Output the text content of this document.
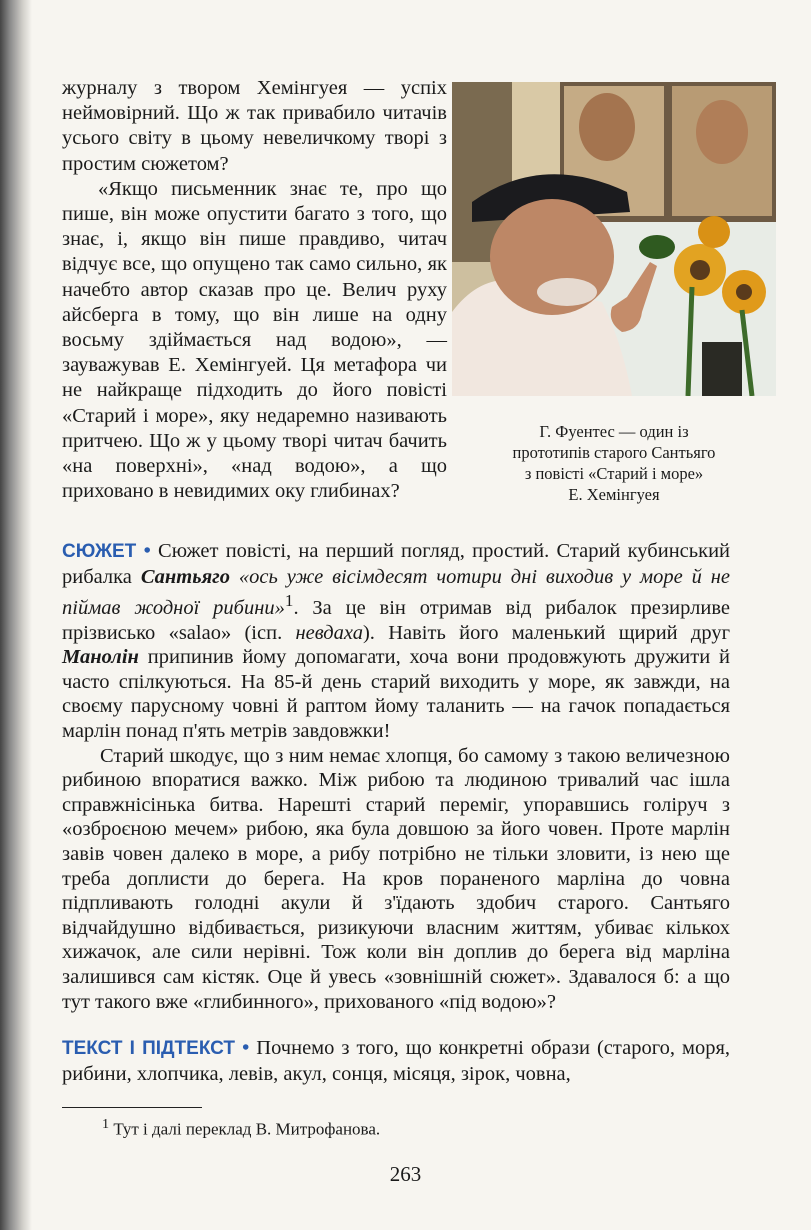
журналу з твором Хемінгуея — успіх неймовірний. Що ж так привабило читачів усього світу в цьому невеличкому творі з простим сюжетом?

«Якщо письменник знає те, про що пише, він може опустити багато з того, що знає, і, якщо він пише правдиво, читач відчує все, що опущено так само сильно, як начебто автор сказав про це. Велич руху айсберга в тому, що він лише на одну восьму здіймається над водою», — зауважував Е. Хемінгуей. Ця метафора чи не найкраще підходить до його повісті «Старий і море», яку недаремно називають притчею. Що ж у цьому творі читач бачить «на поверхні», «над водою», а що приховано в невидимих оку глибинах?

Г. Фуентес — один із
прототипів старого Сантьяго
з повісті «Старий і море»
Е. Хемінгуея

СЮЖЕТ • Сюжет повісті, на перший погляд, простий. Старий кубинський рибалка Сантьяго «ось уже вісімдесят чотири дні виходив у море й не піймав жодної рибини»$^1$. За це він отримав від рибалок презирливе прізвисько «salao» (ісп. невдаха). Навіть його маленький щирий друг Манолін припинив йому допомагати, хоча вони продовжують дружити й часто спілкуються. На 85-й день старий виходить у море, як завжди, на своєму парусному човні й раптом йому таланить — на гачок попадається марлін понад п'ять метрів завдовжки!

Старий шкодує, що з ним немає хлопця, бо самому з такою величезною рибиною впоратися важко. Між рибою та людиною тривалий час ішла справжнісінька битва. Нарешті старий переміг, упоравшись голіруч з «озброєною мечем» рибою, яка була довшою за його човен. Проте марлін завів човен далеко в море, а рибу потрібно не тільки зловити, із нею ще треба доплисти до берега. На кров пораненого марліна до човна підпливають голодні акули й з'їдають здобич старого. Сантьяго відчайдушно відбивається, ризикуючи власним життям, убиває кількох хижачок, але сили нерівні. Тож коли він доплив до берега від марліна залишився сам кістяк. Оце й увесь «зовнішній сюжет». Здавалося б: а що тут такого вже «глибинного», прихованого «під водою»?

ТЕКСТ І ПІДТЕКСТ • Почнемо з того, що конкретні образи (старого, моря, рибини, хлопчика, левів, акул, сонця, місяця, зірок, човна,

$^1$ Тут і далі переклад В. Митрофанова.
263
